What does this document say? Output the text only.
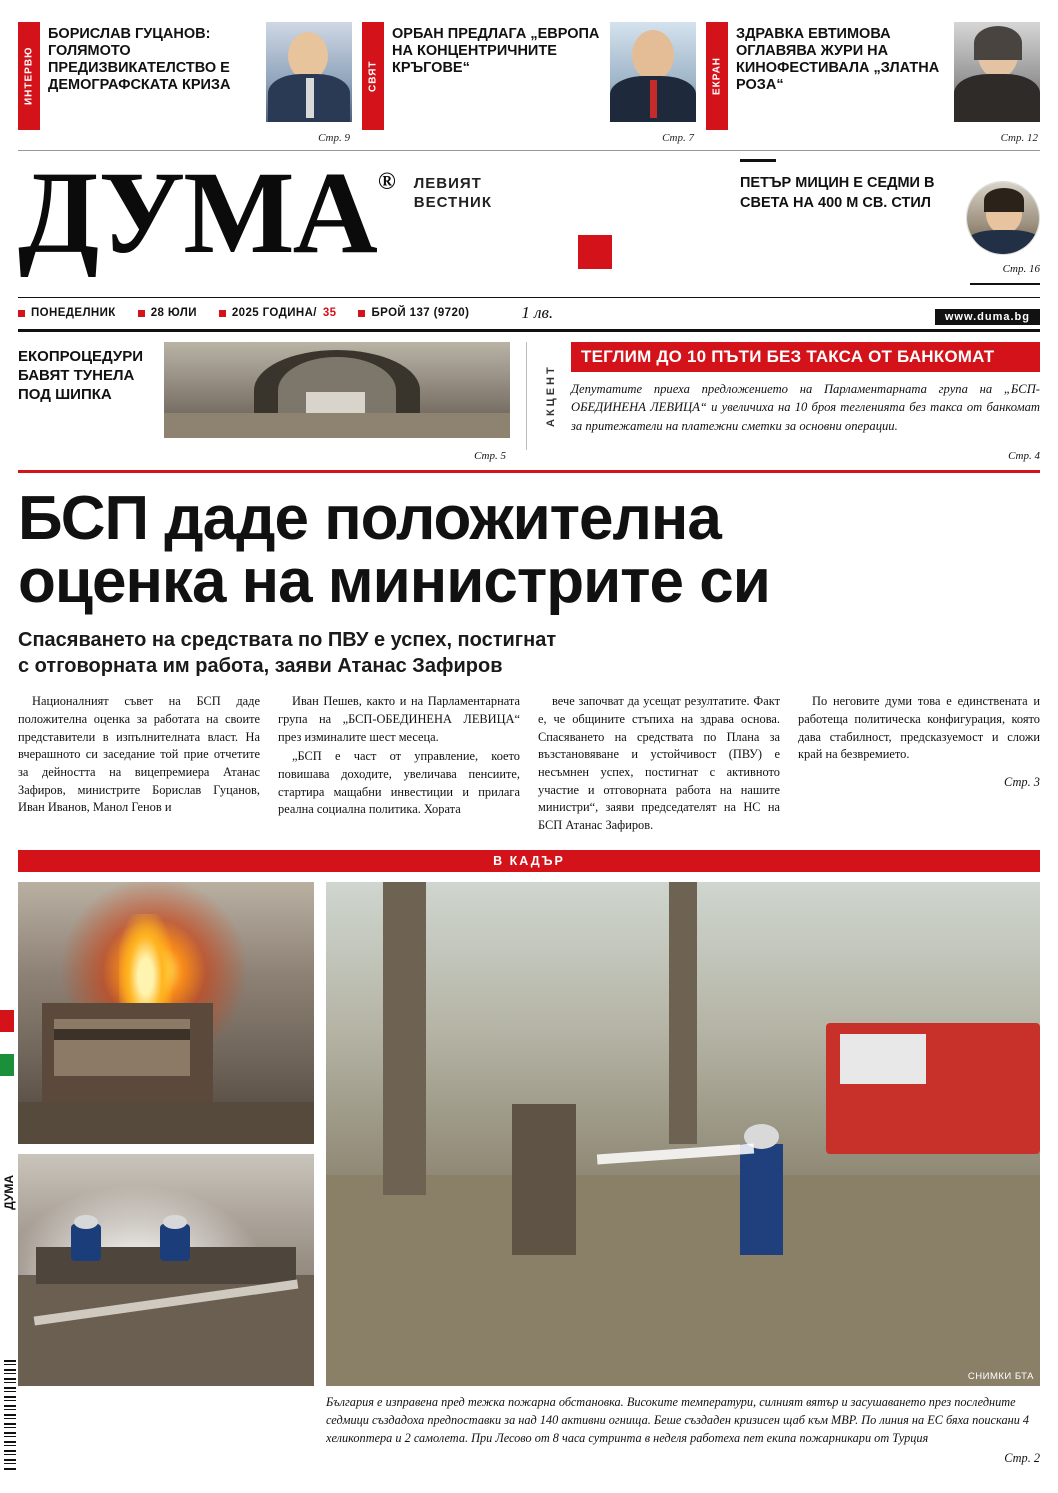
ДУМА
ИНТЕРВЮ
БОРИСЛАВ ГУЦАНОВ: ГОЛЯМОТО ПРЕДИЗВИКАТЕЛСТВО Е ДЕМОГРАФСКАТА КРИЗА
Стр. 9
СВЯТ
ОРБАН ПРЕДЛАГА „ЕВРОПА НА КОНЦЕНТРИЧНИТЕ КРЪГОВЕ“
Стр. 7
ЕКРАН
ЗДРАВКА ЕВТИМОВА ОГЛАВЯВА ЖУРИ НА КИНОФЕСТИВАЛА „ЗЛАТНА РОЗА“
Стр. 12
ДУМА® ЛЕВИЯТ
ВЕСТНИК
ПЕТЪР МИЦИН Е СЕДМИ В СВЕТА НА 400 М СВ. СТИЛ
Стр. 16
ПОНЕДЕЛНИК	28 ЮЛИ	2025 ГОДИНА/ 35	БРОЙ 137 (9720)	1 лв.	www.duma.bg
ЕКОПРОЦЕДУРИ БАВЯТ ТУНЕЛА ПОД ШИПКА
Стр. 5
АКЦЕНТ
ТЕГЛИМ ДО 10 ПЪТИ БЕЗ ТАКСА ОТ БАНКОМАТ
Депутатите приеха предложението на Парламентарната група на „БСП-ОБЕДИНЕНА ЛЕВИЦА“ и увеличиха на 10 броя тегленията без такса от банкомат за притежатели на платежни сметки за основни операции.
Стр. 4
БСП даде положителна
оценка на министрите си
Спасяването на средствата по ПВУ е успех, постигнат
с отговорната им работа, заяви Атанас Зафиров

Националният съвет на БСП даде положителна оценка за работата на своите представители в изпълнителната власт. На вчерашното си заседание той прие отчетите за дейността на вицепремиера Атанас Зафиров, министрите Борислав Гуцанов, Иван Иванов, Манол Генов и

Иван Пешев, както и на Парламентарната група на „БСП-ОБЕДИНЕНА ЛЕВИЦА“ през изминалите шест месеца.

„БСП е част от управление, което повишава доходите, увеличава пенсиите, стартира мащабни инвестиции и прилага реална социална политика. Хората

вече започват да усещат резултатите. Факт е, че общините стъпиха на здрава основа. Спасяването на средствата по Плана за възстановяване и устойчивост (ПВУ) е несъмнен успех, постигнат с активното участие и отговорната работа на нашите министри“, заяви председателят на НС на БСП Атанас Зафиров.

По неговите думи това е единствената и работеща политическа конфигурация, която дава стабилност, предсказуемост и сложи край на безвремието.

Стр. 3
В КАДЪР
СНИМКИ БТА
България е изправена пред тежка пожарна обстановка. Високите температури, силният вятър и засушаването през последните седмици създадоха предпоставки за над 140 активни огнища. Беше създаден кризисен щаб към МВР. По линия на ЕС бяха поискани 4 хеликоптера и 2 самолета. При Лесово от 8 часа сутринта в неделя работеха пет екипа пожарникари от Турция
Стр. 2
